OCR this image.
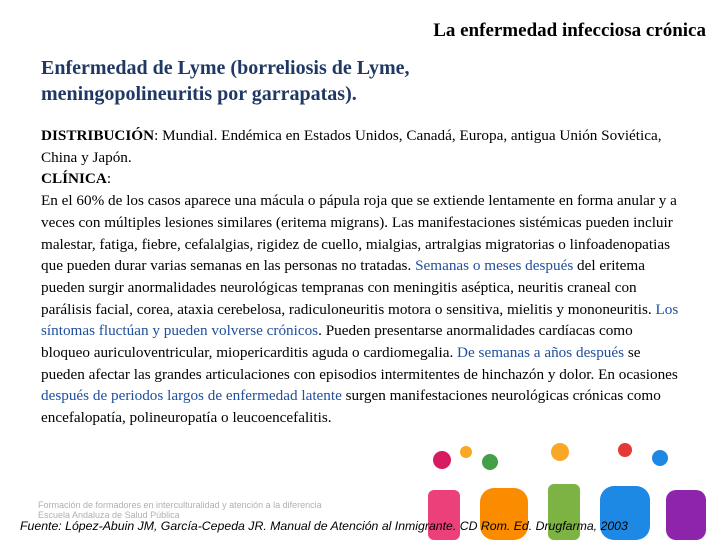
La enfermedad infecciosa crónica
Enfermedad de Lyme (borreliosis de Lyme,
meningopolineuritis por garrapatas).
DISTRIBUCIÓN: Mundial. Endémica en Estados Unidos, Canadá, Europa, antigua Unión Soviética, China y Japón.
CLÍNICA:
En el 60% de los casos aparece una mácula o pápula roja que se extiende lentamente en forma anular y a veces con múltiples lesiones similares (eritema migrans). Las manifestaciones sistémicas pueden incluir malestar, fatiga, fiebre, cefalalgias, rigidez de cuello, mialgias, artralgias migratorias o linfoadenopatias que pueden durar varias semanas en las personas no tratadas. Semanas o meses después del eritema pueden surgir anormalidades neurológicas tempranas con meningitis aséptica, neuritis craneal con parálisis facial, corea, ataxia cerebelosa, radiculoneuritis motora o sensitiva, mielitis y mononeuritis. Los síntomas fluctúan y pueden volverse crónicos. Pueden presentarse anormalidades cardíacas como bloqueo auriculoventricular, miopericarditis aguda o cardiomegalia. De semanas a años después se pueden afectar las grandes articulaciones con episodios intermitentes de hinchazón y dolor. En ocasiones después de periodos largos de enfermedad latente surgen manifestaciones neurológicas crónicas como encefalopatía, polineuropatía o leucoencefalitis.
Formación de formadores en interculturalidad y atención a la diferencia
Escuela Andaluza de Salud Pública
Fuente: López-Abuin JM, García-Cepeda JR. Manual de Atención al Inmigrante. CD Rom. Ed. Drugfarma, 2003
